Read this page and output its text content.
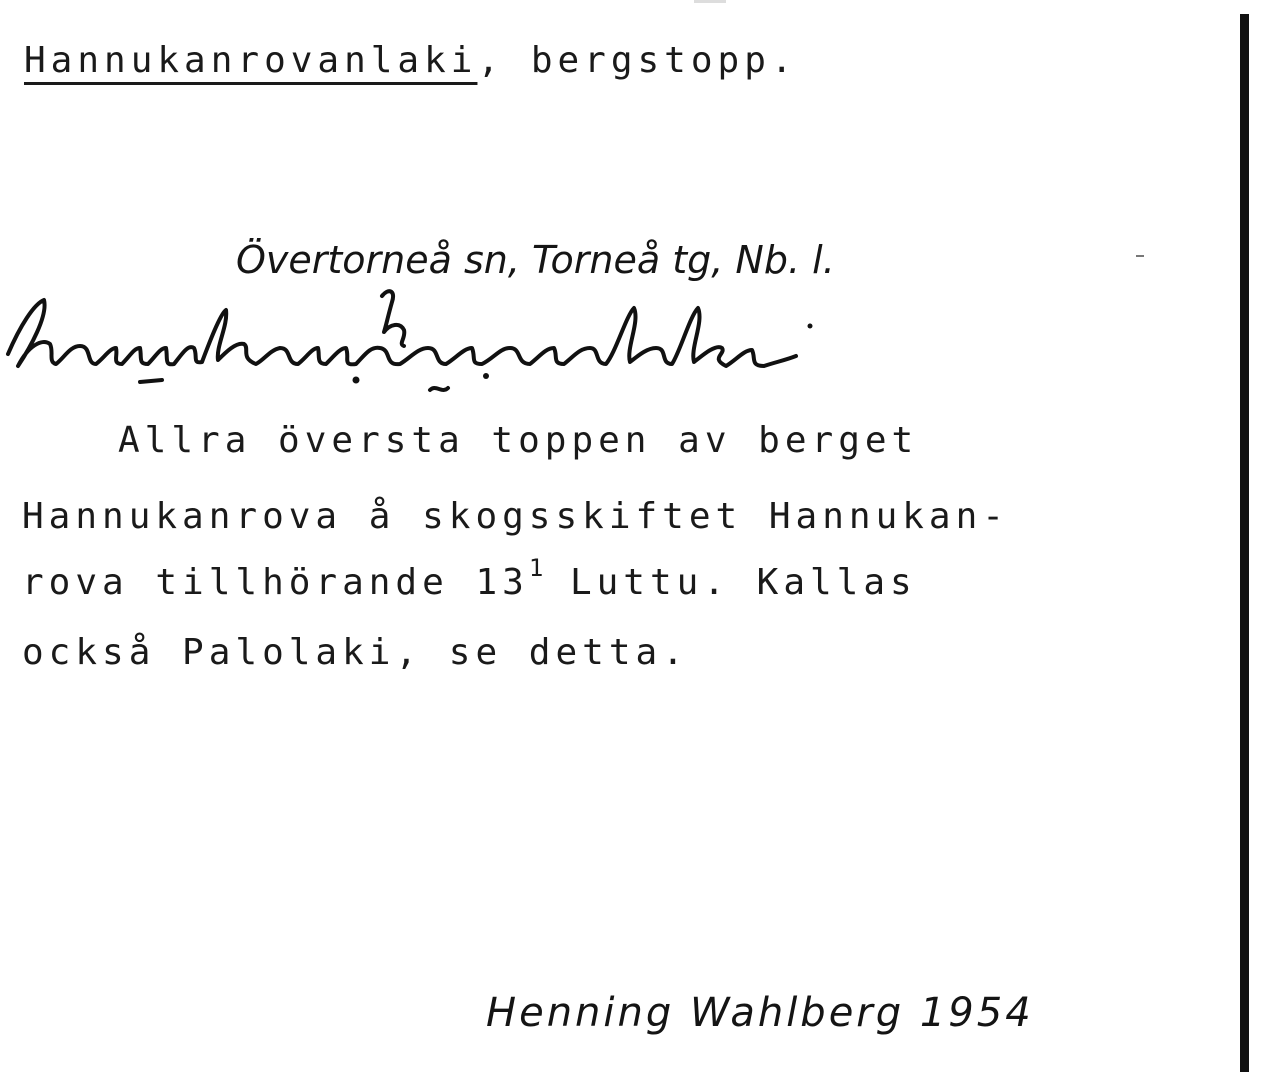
Hannukanrovanlaki, bergstopp.
Övertorneå sn, Torneå tg, Nb. l.
Allra översta toppen av berget
Hannukanrova å skogsskiftet Hannukan-
rova tillhörande $13^1$ Luttu. Kallas
också Palolaki, se detta.
Henning Wahlberg 1954
